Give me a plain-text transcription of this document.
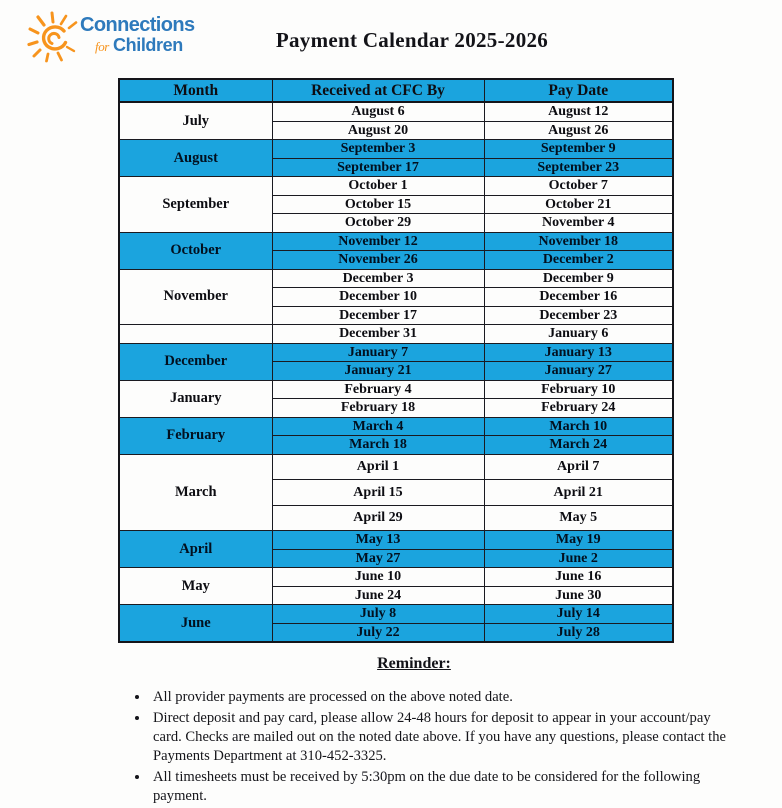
Connections
for Children	Payment Calendar 2025-2026
Month	Received at CFC By	Pay Date
July	August 6	August 12
	August 20	August 26
August	September 3	September 9
	September 17	September 23
September	October 1	October 7
	October 15	October 21
	October 29	November 4
October	November 12	November 18
	November 26	December 2
November	December 3	December 9
	December 10	December 16
	December 17	December 23
	December 31	January 6
December	January 7	January 13
	January 21	January 27
January	February 4	February 10
	February 18	February 24
February	March 4	March 10
	March 18	March 24
March	April 1	April 7
	April 15	April 21
	April 29	May 5
April	May 13	May 19
	May 27	June 2
May	June 10	June 16
	June 24	June 30
June	July 8	July 14
	July 22	July 28
Reminder:
• All provider payments are processed on the above noted date.
• Direct deposit and pay card, please allow 24-48 hours for deposit to appear in your account/pay card. Checks are mailed out on the noted date above. If you have any questions, please contact the Payments Department at 310-452-3325.
• All timesheets must be received by 5:30pm on the due date to be considered for the following payment.
